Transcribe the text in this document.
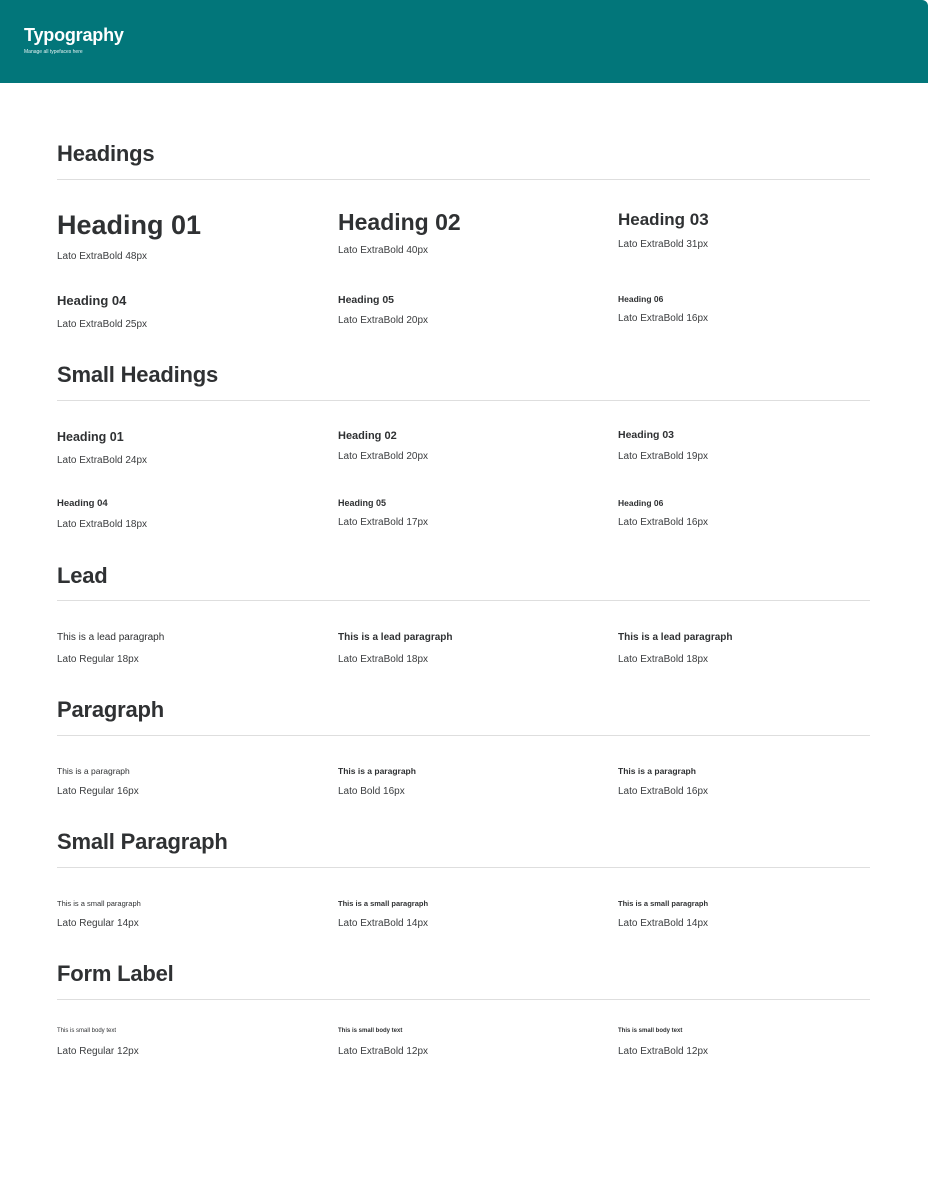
Typography

Manage all typefaces here

Headings
Heading 01
Lato ExtraBold 48px
Heading 02
Lato ExtraBold 40px
Heading 03
Lato ExtraBold 31px
Heading 04
Lato ExtraBold 25px
Heading 05
Lato ExtraBold 20px
Heading 06
Lato ExtraBold 16px
Small Headings
Heading 01
Lato ExtraBold 24px
Heading 02
Lato ExtraBold 20px
Heading 03
Lato ExtraBold 19px
Heading 04
Lato ExtraBold 18px
Heading 05
Lato ExtraBold 17px
Heading 06
Lato ExtraBold 16px
Lead
This is a lead paragraph
Lato Regular 18px
This is a lead paragraph
Lato ExtraBold 18px
This is a lead paragraph
Lato ExtraBold 18px
Paragraph
This is a paragraph
Lato Regular 16px
This is a paragraph
Lato Bold 16px
This is a paragraph
Lato ExtraBold 16px
Small Paragraph
This is a small paragraph
Lato Regular 14px
This is a small paragraph
Lato ExtraBold 14px
This is a small paragraph
Lato ExtraBold 14px
Form Label
This is small body text
Lato Regular 12px
This is small body text
Lato ExtraBold 12px
This is small body text
Lato ExtraBold 12px
